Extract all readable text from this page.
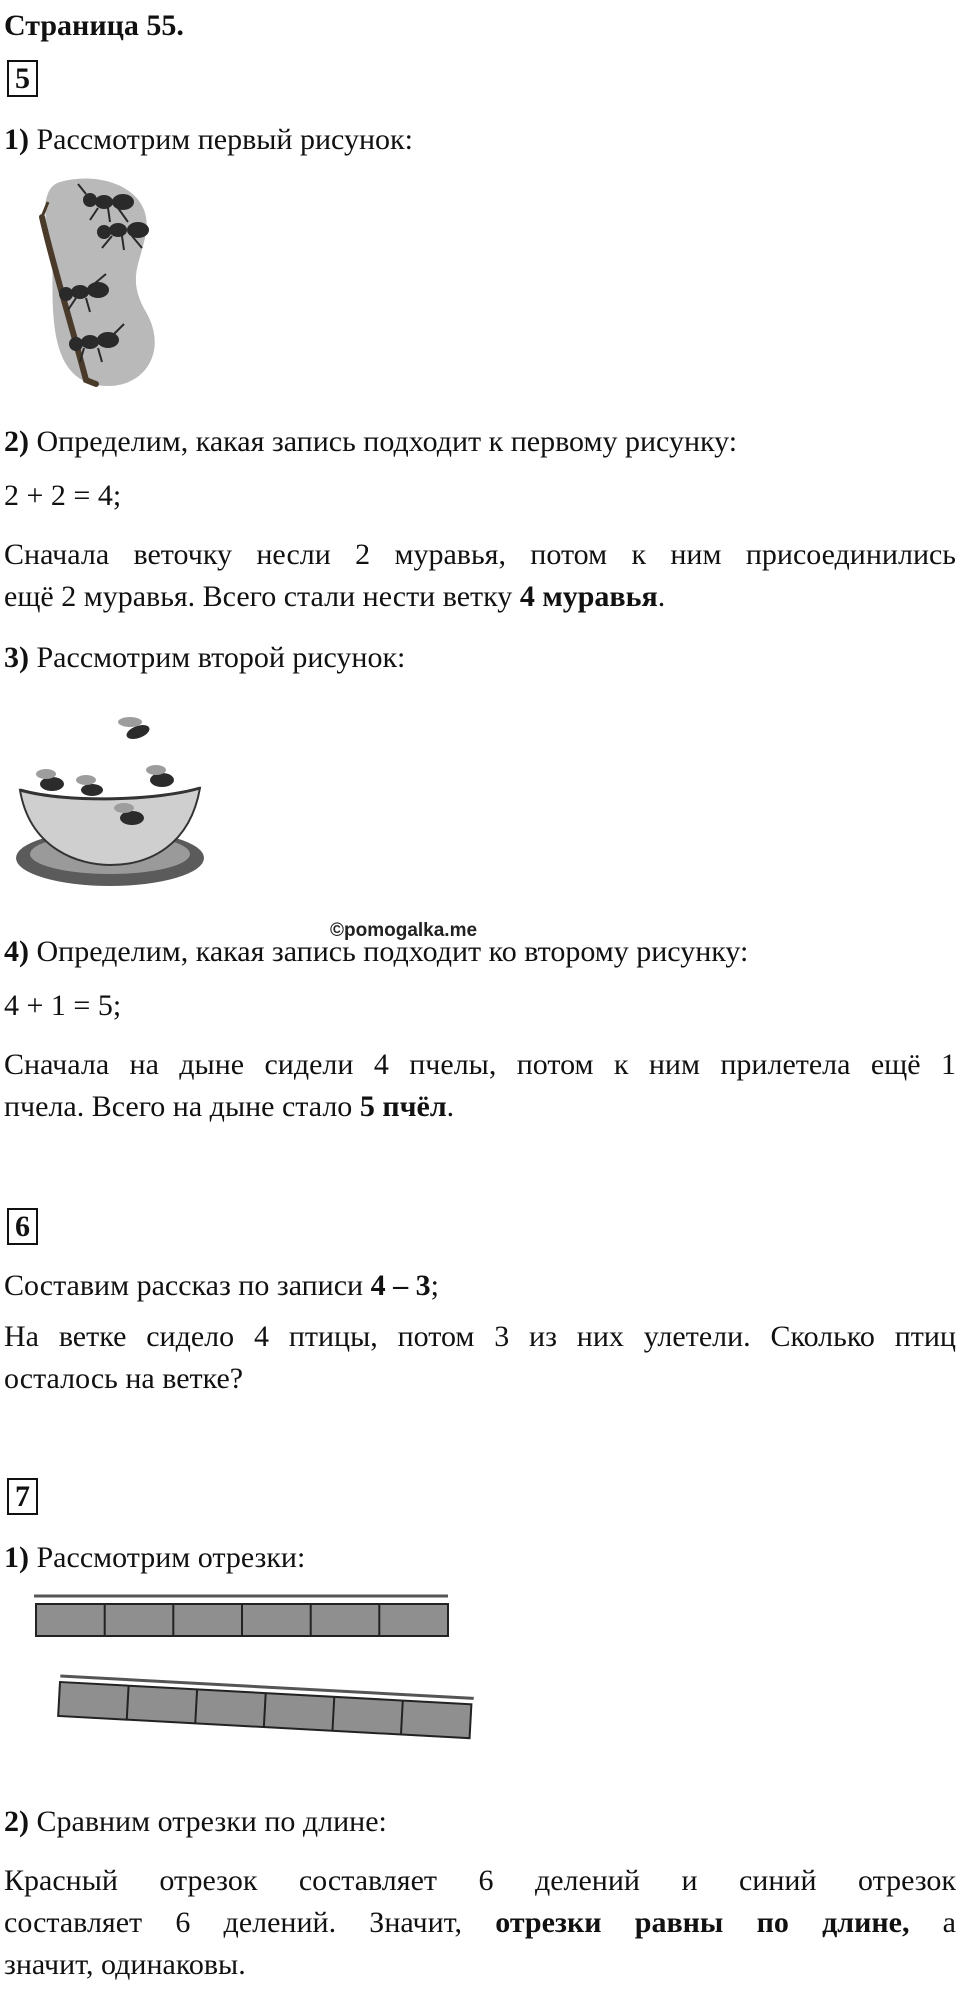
Страница 55.
5
1) Рассмотрим первый рисунок:
2) Определим, какая запись подходит к первому рисунку:
2 + 2 = 4;
Сначала веточку несли 2 муравья, потом к ним присоединились
ещё 2 муравья. Всего стали нести ветку 4 муравья.
3) Рассмотрим второй рисунок:
©pomogalka.me
4) Определим, какая запись подходит ко второму рисунку:
4 + 1 = 5;
Сначала на дыне сидели 4 пчелы, потом к ним прилетела ещё 1
пчела. Всего на дыне стало 5 пчёл.
6
Составим рассказ по записи 4 – 3;
На ветке сидело 4 птицы, потом 3 из них улетели. Сколько птиц
осталось на ветке?
7
1) Рассмотрим отрезки:
2) Сравним отрезки по длине:
Красный отрезок составляет 6 делений и синий отрезок
составляет 6 делений. Значит, отрезки равны по длине, а
значит, одинаковы.
